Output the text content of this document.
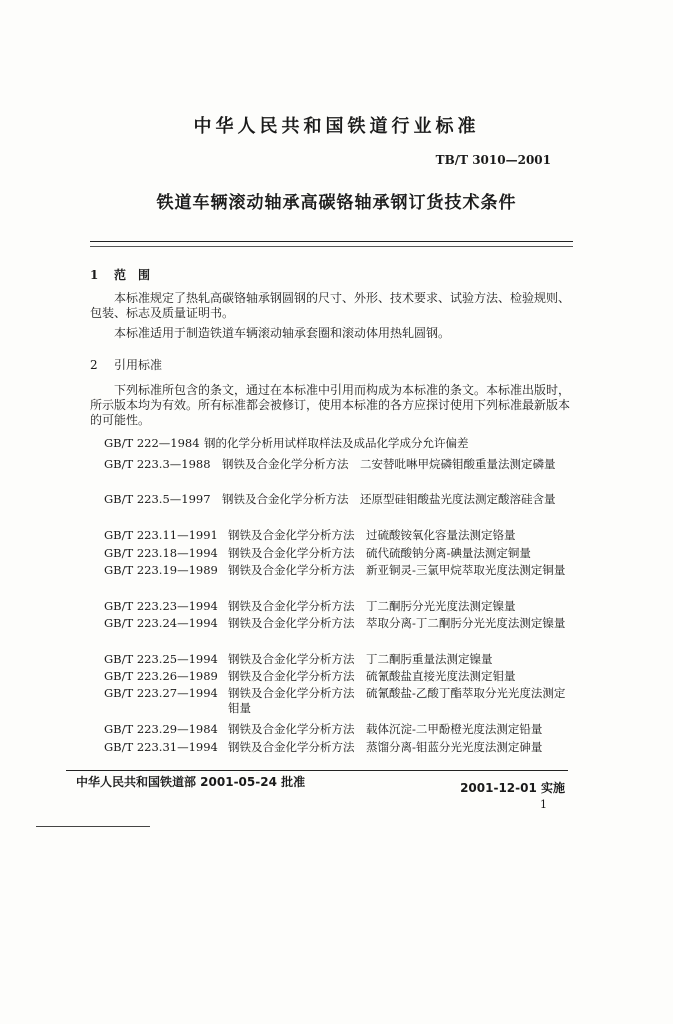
中华人民共和国铁道行业标准
TB/T 3010—2001
铁道车辆滚动轴承高碳铬轴承钢订货技术条件
1 范　围
本标准规定了热轧高碳铬轴承钢圆钢的尺寸、外形、技术要求、试验方法、检验规则、包装、标志及质量证明书。
本标准适用于制造铁道车辆滚动轴承套圈和滚动体用热轧圆钢。
2 引用标准
下列标准所包含的条文，通过在本标准中引用而构成为本标准的条文。本标准出版时，所示版本均为有效。所有标准都会被修订，使用本标准的各方应探讨使用下列标准最新版本的可能性。
GB/T 222—1984 钢的化学分析用试样取样法及成品化学成分允许偏差
GB/T 223.3—1988 钢铁及合金化学分析方法　二安替吡啉甲烷磷钼酸重量法测定磷量
GB/T 223.5—1997 钢铁及合金化学分析方法　还原型硅钼酸盐光度法测定酸溶硅含量
GB/T 223.11—1991 钢铁及合金化学分析方法　过硫酸铵氧化容量法测定铬量
GB/T 223.18—1994 钢铁及合金化学分析方法　硫代硫酸钠分离-碘量法测定铜量
GB/T 223.19—1989 钢铁及合金化学分析方法　新亚铜灵-三氯甲烷萃取光度法测定铜量
GB/T 223.23—1994 钢铁及合金化学分析方法　丁二酮肟分光光度法测定镍量
GB/T 223.24—1994 钢铁及合金化学分析方法　萃取分离-丁二酮肟分光光度法测定镍量
GB/T 223.25—1994 钢铁及合金化学分析方法　丁二酮肟重量法测定镍量
GB/T 223.26—1989 钢铁及合金化学分析方法　硫氰酸盐直接光度法测定钼量
GB/T 223.27—1994 钢铁及合金化学分析方法　硫氰酸盐-乙酸丁酯萃取分光光度法测定钼量
GB/T 223.29—1984 钢铁及合金化学分析方法　载体沉淀-二甲酚橙光度法测定铅量
GB/T 223.31—1994 钢铁及合金化学分析方法　蒸馏分离-钼蓝分光光度法测定砷量
中华人民共和国铁道部 2001-05-24 批准	2001-12-01 实施
1
